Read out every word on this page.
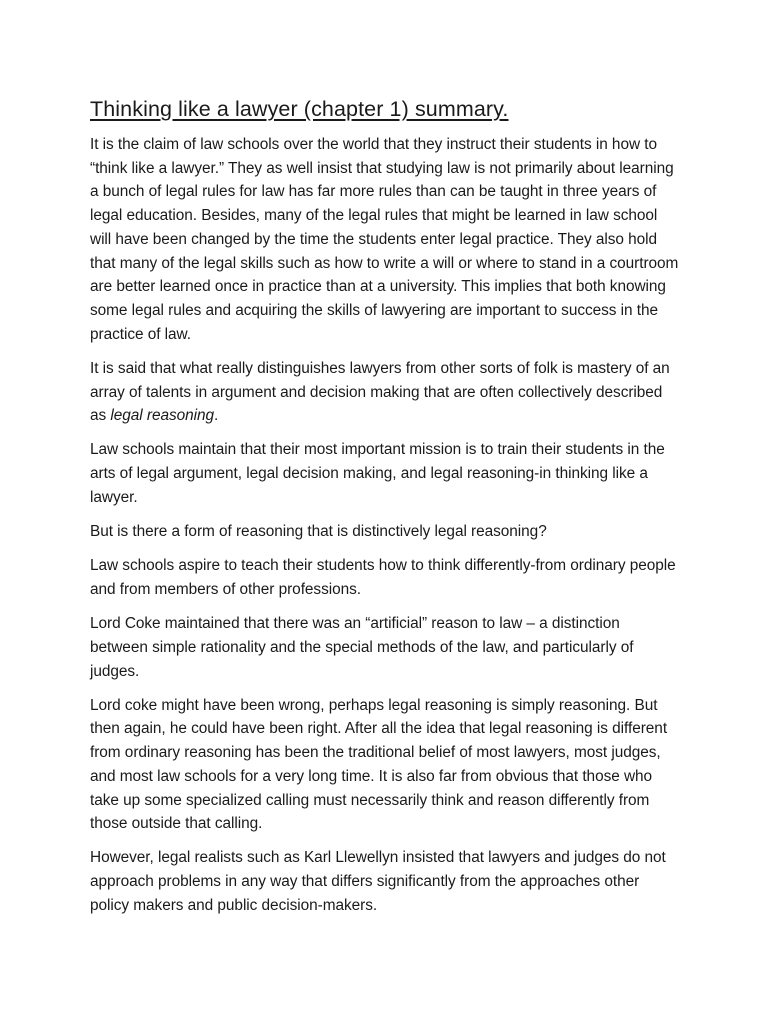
Thinking like a lawyer (chapter 1) summary.

It is the claim of law schools over the world that they instruct their students in how to “think like a lawyer.” They as well insist that studying law is not primarily about learning a bunch of legal rules for law has far more rules than can be taught in three years of legal education. Besides, many of the legal rules that might be learned in law school will have been changed by the time the students enter legal practice. They also hold that many of the legal skills such as how to write a will or where to stand in a courtroom are better learned once in practice than at a university. This implies that both knowing some legal rules and acquiring the skills of lawyering are important to success in the practice of law.

It is said that what really distinguishes lawyers from other sorts of folk is mastery of an array of talents in argument and decision making that are often collectively described as legal reasoning.

Law schools maintain that their most important mission is to train their students in the arts of legal argument, legal decision making, and legal reasoning-in thinking like a lawyer.

But is there a form of reasoning that is distinctively legal reasoning?

Law schools aspire to teach their students how to think differently-from ordinary people and from members of other professions.

Lord Coke maintained that there was an “artificial” reason to law – a distinction between simple rationality and the special methods of the law, and particularly of judges.

Lord coke might have been wrong, perhaps legal reasoning is simply reasoning. But then again, he could have been right. After all the idea that legal reasoning is different from ordinary reasoning has been the traditional belief of most lawyers, most judges, and most law schools for a very long time. It is also far from obvious that those who take up some specialized calling must necessarily think and reason differently from those outside that calling.

However, legal realists such as Karl Llewellyn insisted that lawyers and judges do not approach problems in any way that differs significantly from the approaches other policy makers and public decision-makers.
